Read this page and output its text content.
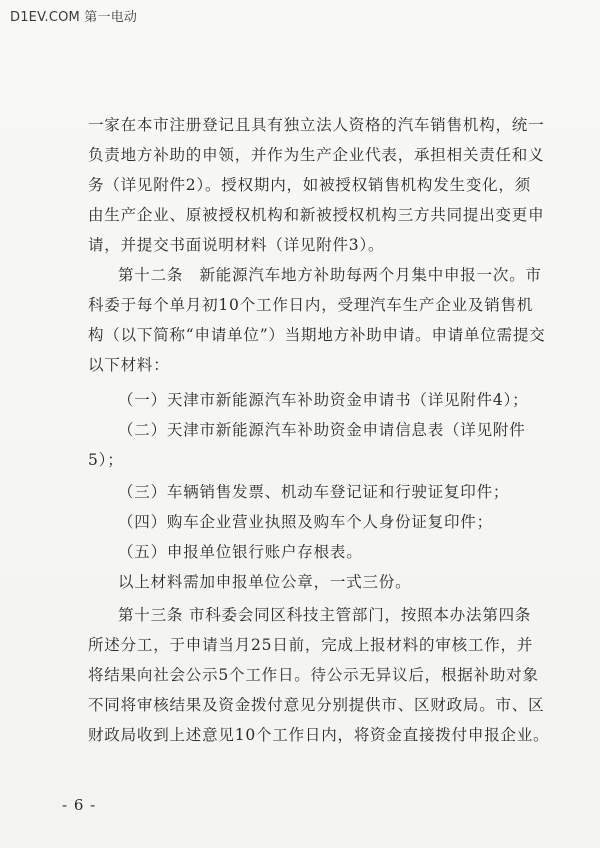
D1EV.COM 第一电动
一家在本市注册登记且具有独立法人资格的汽车销售机构，统一
负责地方补助的申领，并作为生产企业代表，承担相关责任和义
务（详见附件2）。授权期内，如被授权销售机构发生变化，须
由生产企业、原被授权机构和新被授权机构三方共同提出变更申
请，并提交书面说明材料（详见附件3）。
第十二条　新能源汽车地方补助每两个月集中申报一次。市
科委于每个单月初10个工作日内，受理汽车生产企业及销售机
构（以下简称“申请单位”）当期地方补助申请。申请单位需提交
以下材料：
（一）天津市新能源汽车补助资金申请书（详见附件4）；
（二）天津市新能源汽车补助资金申请信息表（详见附件
5）；
（三）车辆销售发票、机动车登记证和行驶证复印件；
（四）购车企业营业执照及购车个人身份证复印件；
（五）申报单位银行账户存根表。
以上材料需加申报单位公章，一式三份。
第十三条 市科委会同区科技主管部门，按照本办法第四条
所述分工，于申请当月25日前，完成上报材料的审核工作，并
将结果向社会公示5个工作日。待公示无异议后，根据补助对象
不同将审核结果及资金拨付意见分别提供市、区财政局。市、区
财政局收到上述意见10个工作日内，将资金直接拨付申报企业。
- 6 -
